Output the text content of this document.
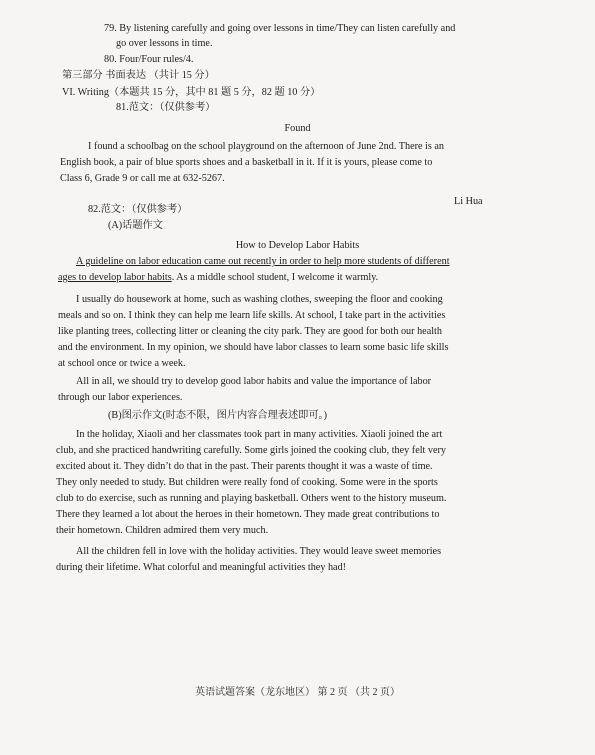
79. By listening carefully and going over lessons in time/They can listen carefully and
go over lessons in time.
80. Four/Four rules/4.
第三部分 书面表达 （共计 15 分）
VI. Writing（本题共 15 分，其中 81 题 5 分，82 题 10 分）
81.范文：（仅供参考）
Found
I found a schoolbag on the school playground on the afternoon of June 2nd. There is an
English book, a pair of blue sports shoes and a basketball in it. If it is yours, please come to
Class 6, Grade 9 or call me at 632-5267.
Li Hua
82.范文：（仅供参考）
(A)话题作文
How to Develop Labor Habits
A guideline on labor education came out recently in order to help more students of different
ages to develop labor habits. As a middle school student, I welcome it warmly.
I usually do housework at home, such as washing clothes, sweeping the floor and cooking
meals and so on. I think they can help me learn life skills. At school, I take part in the activities
like planting trees, collecting litter or cleaning the city park. They are good for both our health
and the environment. In my opinion, we should have labor classes to learn some basic life skills
at school once or twice a week.
All in all, we should try to develop good labor habits and value the importance of labor
through our labor experiences.
(B)图示作文(时态不限，图片内容合理表述即可。)
In the holiday, Xiaoli and her classmates took part in many activities. Xiaoli joined the art
club, and she practiced handwriting carefully. Some girls joined the cooking club, they felt very
excited about it. They didn’t do that in the past. Their parents thought it was a waste of time.
They only needed to study. But children were really fond of cooking. Some were in the sports
club to do exercise, such as running and playing basketball. Others went to the history museum.
There they learned a lot about the heroes in their hometown. They made great contributions to
their hometown. Children admired them very much.
All the children fell in love with the holiday activities. They would leave sweet memories
during their lifetime. What colorful and meaningful activities they had!
英语试题答案（龙东地区） 第 2 页 （共 2 页）
